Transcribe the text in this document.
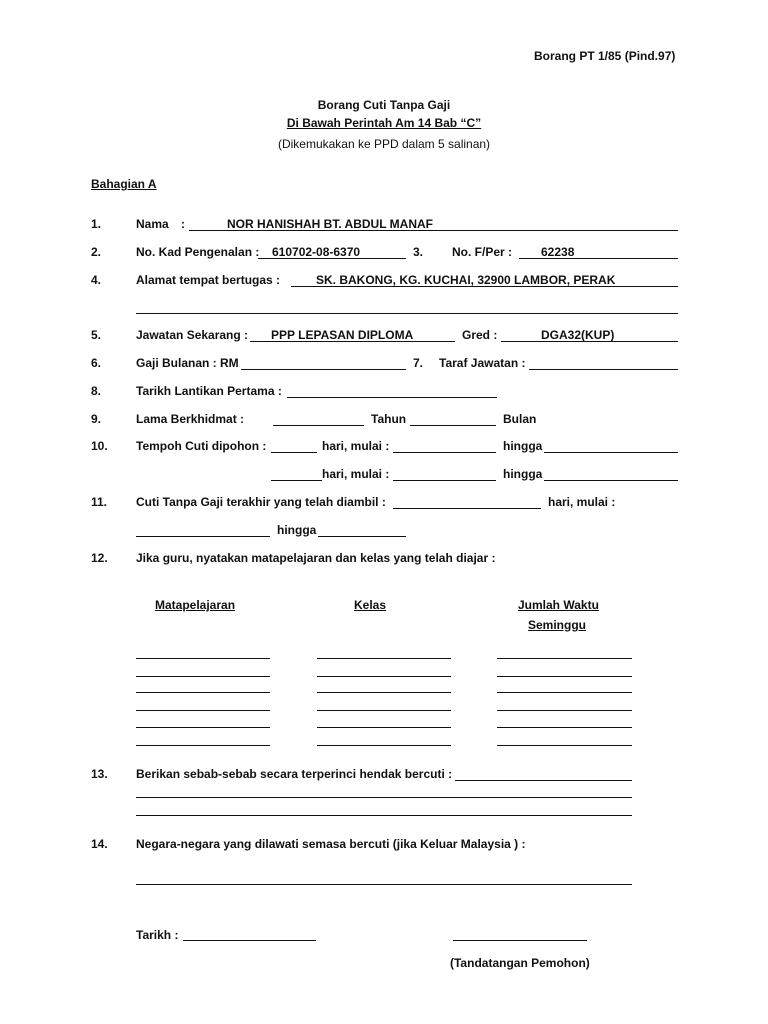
Borang PT 1/85 (Pind.97)
Borang Cuti Tanpa Gaji
Di Bawah Perintah Am 14 Bab “C”
(Dikemukakan ke PPD dalam 5 salinan)
Bahagian A
1.	Nama :	NOR HANISHAH BT. ABDUL MANAF
2.	No. Kad Pengenalan : 610702-08-6370	3. No. F/Per : 62238
4.	Alamat tempat bertugas :	SK. BAKONG, KG. KUCHAI, 32900 LAMBOR, PERAK
5.	Jawatan Sekarang : PPP LEPASAN DIPLOMA	Gred :	DGA32(KUP)
6.	Gaji Bulanan : RM	7. Taraf Jawatan :
8.	Tarikh Lantikan Pertama :
9.	Lama Berkhidmat :	Tahun	Bulan
10. Tempoh Cuti dipohon :	hari, mulai :	hingga
hari, mulai :	hingga
11. Cuti Tanpa Gaji terakhir yang telah diambil :	hari, mulai :
hingga
12. Jika guru, nyatakan matapelajaran dan kelas yang telah diajar :
Matapelajaran	Kelas	Jumlah Waktu
Seminggu
13. Berikan sebab-sebab secara terperinci hendak bercuti :
14. Negara-negara yang dilawati semasa bercuti (jika Keluar Malaysia ) :
Tarikh :
(Tandatangan Pemohon)
